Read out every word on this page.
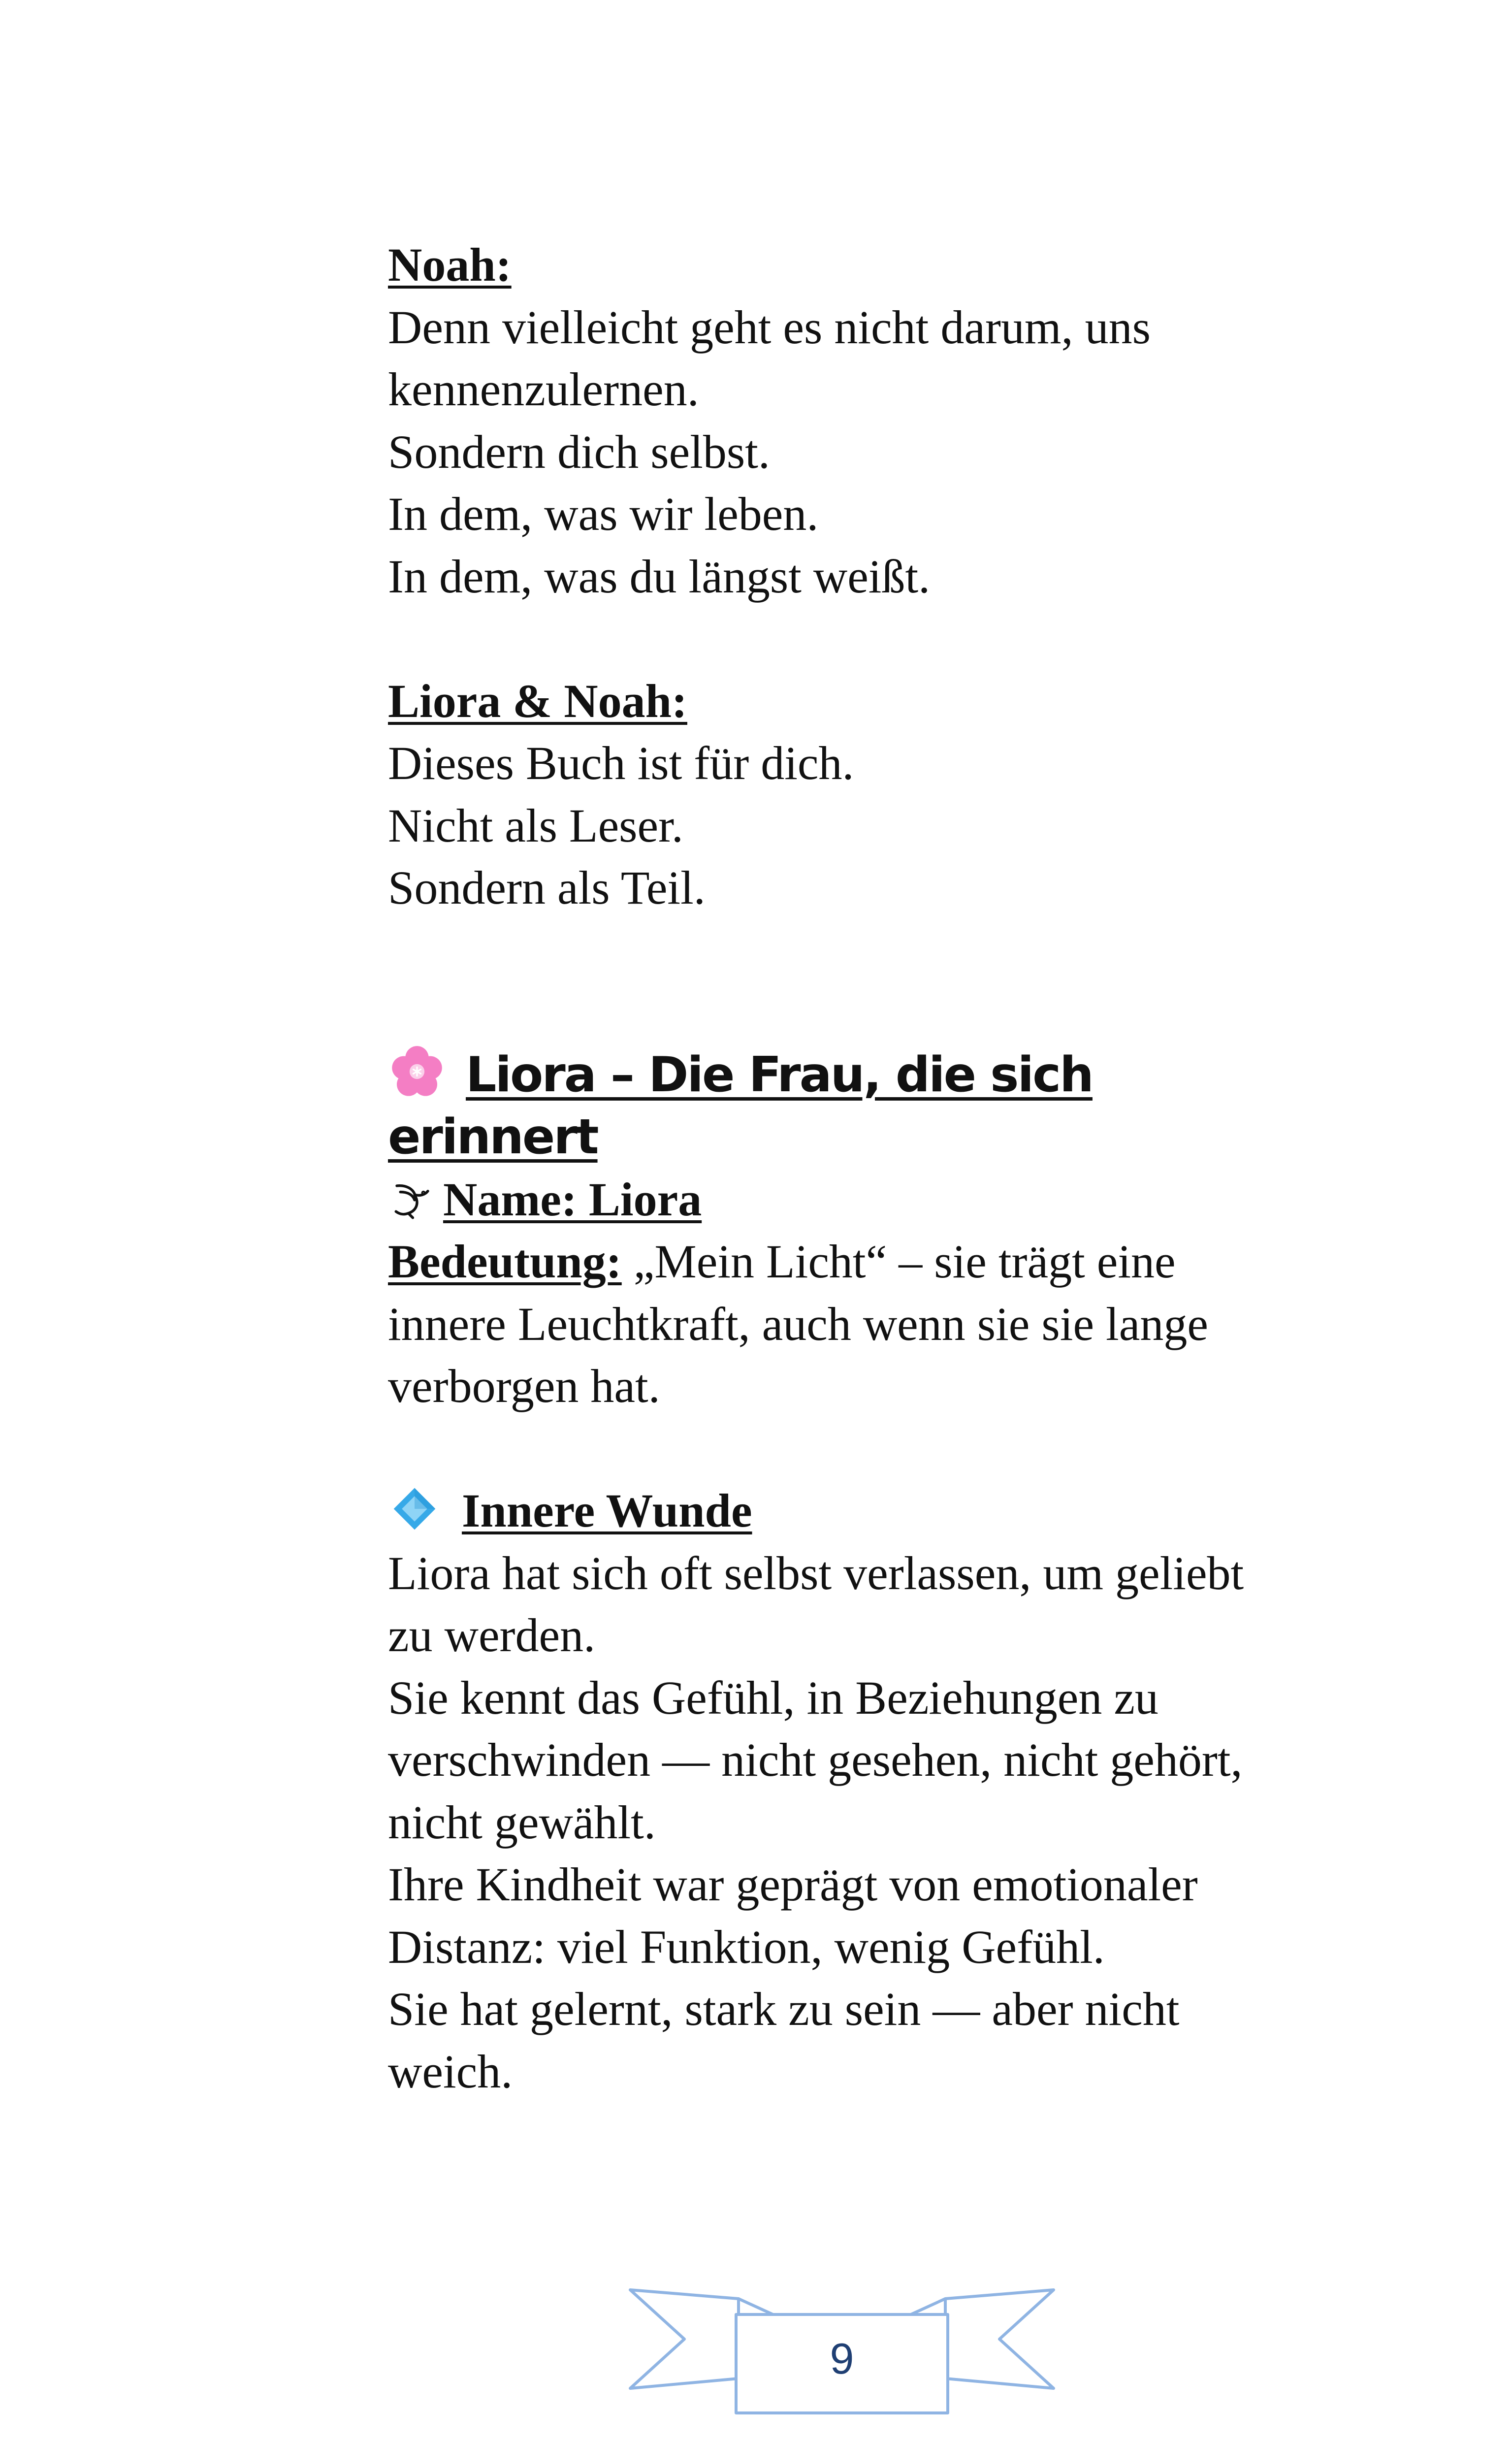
Noah:
Denn vielleicht geht es nicht darum, uns
kennenzulernen.
Sondern dich selbst.
In dem, was wir leben.
In dem, was du längst weißt.
Liora & Noah:
Dieses Buch ist für dich.
Nicht als Leser.
Sondern als Teil.
Liora – Die Frau, die sich
erinnert
Name: Liora
Bedeutung: „Mein Licht“ – sie trägt eine
innere Leuchtkraft, auch wenn sie sie lange
verborgen hat.
Innere Wunde
Liora hat sich oft selbst verlassen, um geliebt
zu werden.
Sie kennt das Gefühl, in Beziehungen zu
verschwinden — nicht gesehen, nicht gehört,
nicht gewählt.
Ihre Kindheit war geprägt von emotionaler
Distanz: viel Funktion, wenig Gefühl.
Sie hat gelernt, stark zu sein — aber nicht
weich.
9
